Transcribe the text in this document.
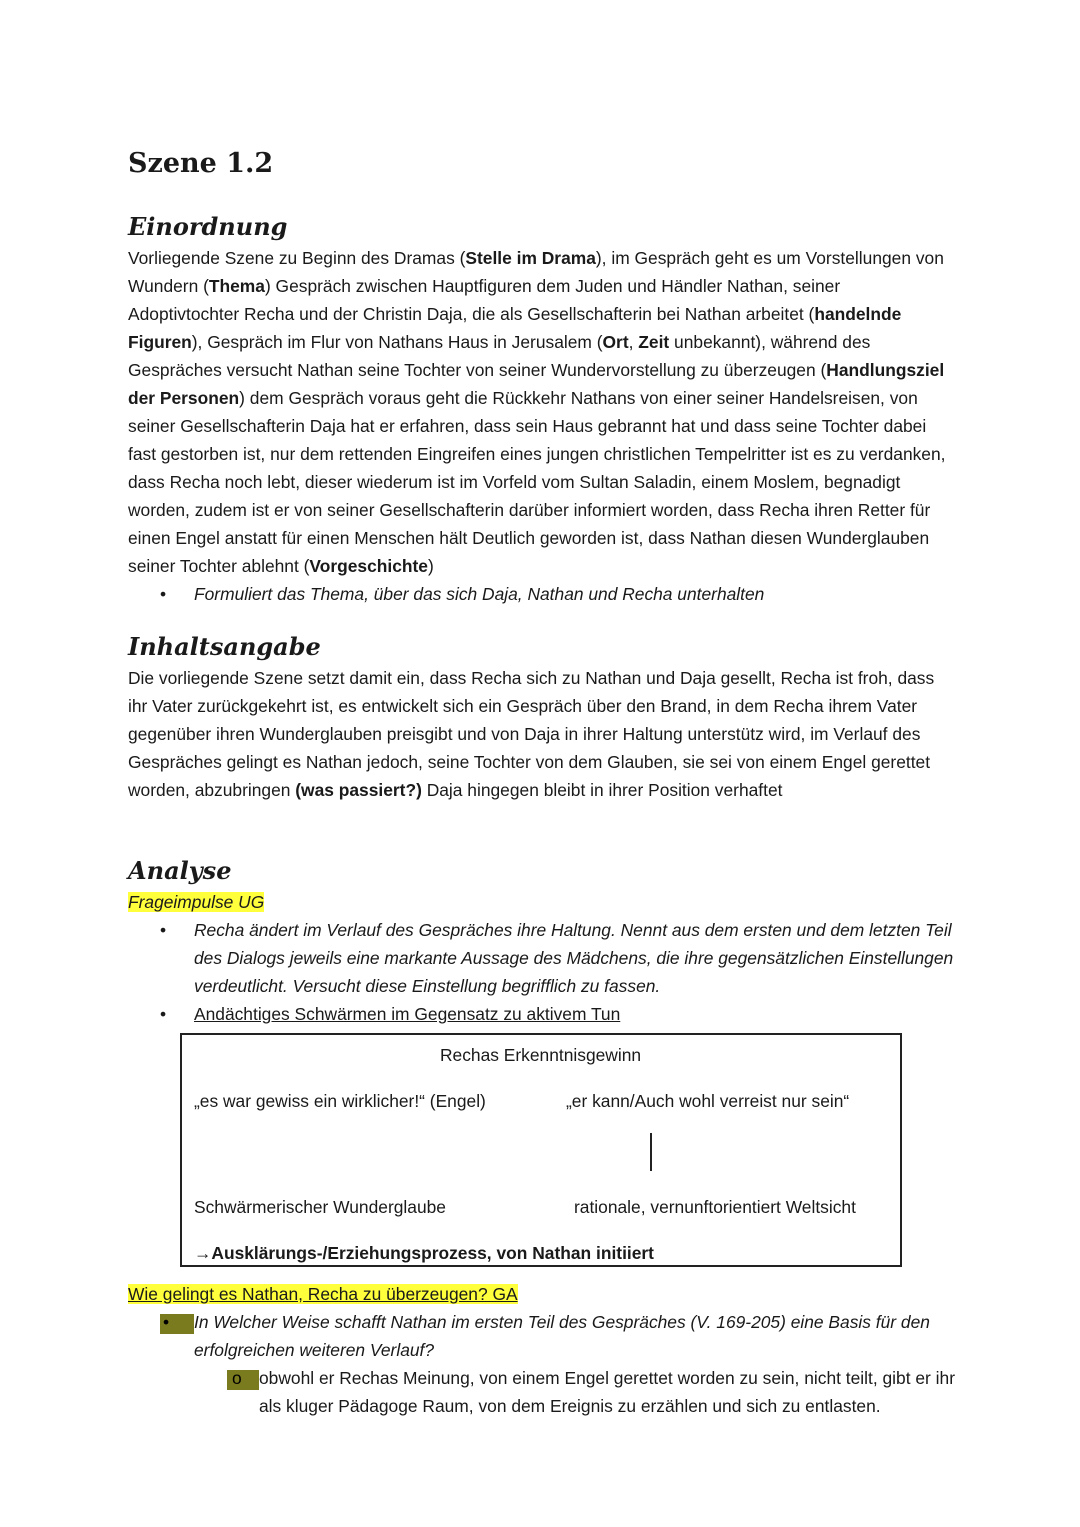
Szene 1.2
Einordnung

Vorliegende Szene zu Beginn des Dramas (Stelle im Drama), im Gespräch geht es um Vorstellungen von Wundern (Thema) Gespräch zwischen Hauptfiguren dem Juden und Händler Nathan, seiner Adoptivtochter Recha und der Christin Daja, die als Gesellschafterin bei Nathan arbeitet (handelnde Figuren), Gespräch im Flur von Nathans Haus in Jerusalem (Ort, Zeit unbekannt), während des Gespräches versucht Nathan seine Tochter von seiner Wundervorstellung zu überzeugen (Handlungsziel der Personen) dem Gespräch voraus geht die Rückkehr Nathans von einer seiner Handelsreisen, von seiner Gesellschafterin Daja hat er erfahren, dass sein Haus gebrannt hat und dass seine Tochter dabei fast gestorben ist, nur dem rettenden Eingreifen eines jungen christlichen Tempelritter ist es zu verdanken, dass Recha noch lebt, dieser wiederum ist im Vorfeld vom Sultan Saladin, einem Moslem, begnadigt worden, zudem ist er von seiner Gesellschafterin darüber informiert worden, dass Recha ihren Retter für einen Engel anstatt für einen Menschen hält Deutlich geworden ist, dass Nathan diesen Wunderglauben seiner Tochter ablehnt (Vorgeschichte)

• Formuliert das Thema, über das sich Daja, Nathan und Recha unterhalten

Inhaltsangabe

Die vorliegende Szene setzt damit ein, dass Recha sich zu Nathan und Daja gesellt, Recha ist froh, dass ihr Vater zurückgekehrt ist, es entwickelt sich ein Gespräch über den Brand, in dem Recha ihrem Vater gegenüber ihren Wunderglauben preisgibt und von Daja in ihrer Haltung unterstütz wird, im Verlauf des Gespräches gelingt es Nathan jedoch, seine Tochter von dem Glauben, sie sei von einem Engel gerettet worden, abzubringen (was passiert?) Daja hingegen bleibt in ihrer Position verhaftet

Analyse

Frageimpulse UG

• Recha ändert im Verlauf des Gespräches ihre Haltung. Nennt aus dem ersten und dem letzten Teil des Dialogs jeweils eine markante Aussage des Mädchens, die ihre gegensätzlichen Einstellungen verdeutlicht. Versucht diese Einstellung begrifflich zu fassen.

• Andächtiges Schwärmen im Gegensatz zu aktivem Tun

Rechas Erkenntnisgewinn
„es war gewiss ein wirklicher!“ (Engel)	„er kann/Auch wohl verreist nur sein“
Schwärmerischer Wunderglaube	rationale, vernunftorientiert Weltsicht
→Ausklärungs-/Erziehungsprozess, von Nathan initiiert

Wie gelingt es Nathan, Recha zu überzeugen? GA

• In Welcher Weise schafft Nathan im ersten Teil des Gespräches (V. 169-205) eine Basis für den erfolgreichen weiteren Verlauf?

o obwohl er Rechas Meinung, von einem Engel gerettet worden zu sein, nicht teilt, gibt er ihr als kluger Pädagoge Raum, von dem Ereignis zu erzählen und sich zu entlasten.
